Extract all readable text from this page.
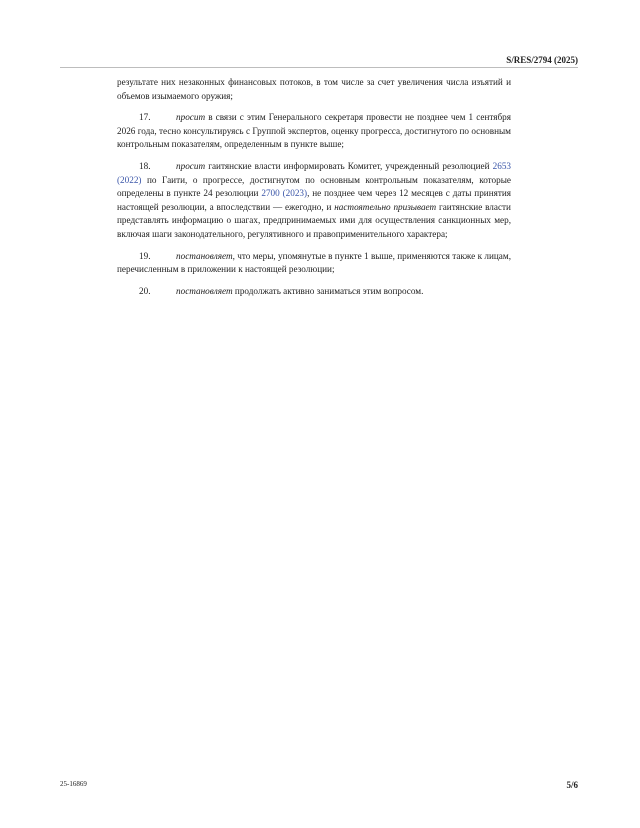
S/RES/2794 (2025)

результате них незаконных финансовых потоков, в том числе за счет увеличения числа изъятий и объемов изымаемого оружия;

17.	просит в связи с этим Генерального секретаря провести не позднее чем 1 сентября 2026 года, тесно консультируясь с Группой экспертов, оценку прогресса, достигнутого по основным контрольным показателям, определенным в пункте выше;

18.	просит гаитянские власти информировать Комитет, учрежденный резолюцией 2653 (2022) по Гаити, о прогрессе, достигнутом по основным контрольным показателям, которые определены в пункте 24 резолюции 2700 (2023), не позднее чем через 12 месяцев с даты принятия настоящей резолюции, а впоследствии — ежегодно, и настоятельно призывает гаитянские власти представлять информацию о шагах, предпринимаемых ими для осуществления санкционных мер, включая шаги законодательного, регулятивного и правоприменительного характера;

19.	постановляет, что меры, упомянутые в пункте 1 выше, применяются также к лицам, перечисленным в приложении к настоящей резолюции;

20.	постановляет продолжать активно заниматься этим вопросом.

25-16869	5/6
